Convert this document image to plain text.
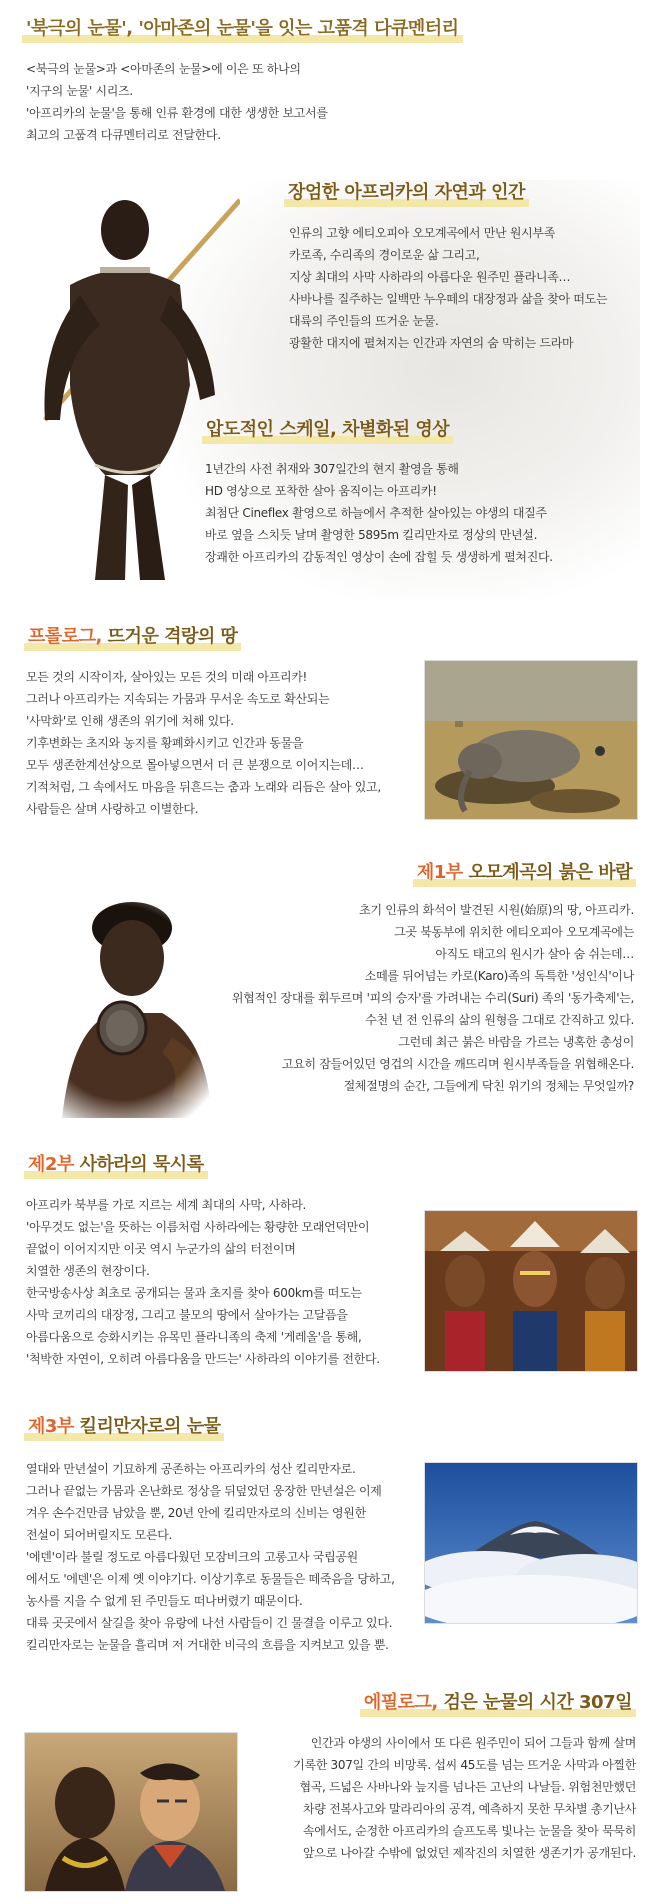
'북극의 눈물', '아마존의 눈물'을 잇는 고품격 다큐멘터리
<북극의 눈물>과 <아마존의 눈물>에 이은 또 하나의
'지구의 눈물' 시리즈.
'아프리카의 눈물'을 통해 인류 환경에 대한 생생한 보고서를
최고의 고품격 다큐멘터리로 전달한다.
장엄한 아프리카의 자연과 인간
인류의 고향 에티오피아 오모계곡에서 만난 원시부족
카로족, 수리족의 경이로운 삶 그리고,
지상 최대의 사막 사하라의 아름다운 원주민 플라니족…
사바나를 질주하는 일백만 누우떼의 대장정과 삶을 찾아 떠도는
대륙의 주인들의 뜨거운 눈물.
광활한 대지에 펼쳐지는 인간과 자연의 숨 막히는 드라마
압도적인 스케일, 차별화된 영상
1년간의 사전 취재와 307일간의 현지 촬영을 통해
HD 영상으로 포착한 살아 움직이는 아프리카!
최첨단 Cineflex 촬영으로 하늘에서 추적한 살아있는 야생의 대질주
바로 옆을 스치듯 날며 촬영한 5895m 킬리만자로 정상의 만년설.
장쾌한 아프리카의 감동적인 영상이 손에 잡힐 듯 생생하게 펼쳐진다.
프롤로그, 뜨거운 격랑의 땅
모든 것의 시작이자, 살아있는 모든 것의 미래 아프리카!
그러나 아프리카는 지속되는 가뭄과 무서운 속도로 확산되는
'사막화'로 인해 생존의 위기에 처해 있다.
기후변화는 초지와 농지를 황폐화시키고 인간과 동물을
모두 생존한계선상으로 몰아넣으면서 더 큰 분쟁으로 이어지는데…
기적처럼, 그 속에서도 마음을 뒤흔드는 춤과 노래와 리듬은 살아 있고,
사람들은 살며 사랑하고 이별한다.
제1부 오모계곡의 붉은 바람
초기 인류의 화석이 발견된 시원(始原)의 땅, 아프리카.
그곳 북동부에 위치한 에티오피아 오모계곡에는
아직도 태고의 원시가 살아 숨 쉬는데…
소떼를 뒤어넘는 카로(Karo)족의 독특한 '성인식'이나
위협적인 장대를 휘두르며 '피의 승자'를 가려내는 수리(Suri) 족의 '동가축제'는,
수천 년 전 인류의 삶의 원형을 그대로 간직하고 있다.
그런데 최근 붉은 바람을 가르는 냉혹한 총성이
고요히 잠들어있던 영겁의 시간을 깨뜨리며 원시부족들을 위협해온다.
절체절명의 순간, 그들에게 닥친 위기의 정체는 무엇일까?
제2부 사하라의 묵시록
아프리카 북부를 가로 지르는 세계 최대의 사막, 사하라.
'아무것도 없는'을 뜻하는 이름처럼 사하라에는 황량한 모래언덕만이
끝없이 이어지지만 이곳 역시 누군가의 삶의 터전이며
치열한 생존의 현장이다.
한국방송사상 최초로 공개되는 물과 초지를 찾아 600km를 떠도는
사막 코끼리의 대장정, 그리고 불모의 땅에서 살아가는 고달픔을
아름다움으로 승화시키는 유목민 플라니족의 축제 '게레올'을 통해,
'척박한 자연이, 오히려 아름다움을 만드는' 사하라의 이야기를 전한다.
제3부 킬리만자로의 눈물
열대와 만년설이 기묘하게 공존하는 아프리카의 성산 킬리만자로.
그러나 끝없는 가뭄과 온난화로 정상을 뒤덮었던 웅장한 만년설은 이제
겨우 손수건만큼 남았을 뿐, 20년 안에 킬리만자로의 신비는 영원한
전설이 되어버릴지도 모른다.
'에덴'이라 불릴 정도로 아름다웠던 모잠비크의 고롱고사 국립공원
에서도 '에덴'은 이제 옛 이야기다. 이상기후로 동물들은 떼죽음을 당하고,
농사를 지을 수 없게 된 주민들도 떠나버렸기 때문이다.
대륙 곳곳에서 살길을 찾아 유랑에 나선 사람들이 긴 물결을 이루고 있다.
킬리만자로는 눈물을 흘리며 저 거대한 비극의 흐름을 지켜보고 있을 뿐.
에필로그, 검은 눈물의 시간 307일
인간과 야생의 사이에서 또 다른 원주민이 되어 그들과 함께 살며
기록한 307일 간의 비망록. 섭씨 45도를 넘는 뜨거운 사막과 아찔한
협곡, 드넓은 사바나와 늪지를 넘나든 고난의 나날들. 위험천만했던
차량 전복사고와 말라리아의 공격, 예측하지 못한 무차별 총기난사
속에서도, 순정한 아프리카의 슬프도록 빛나는 눈물을 찾아 묵묵히
앞으로 나아갈 수밖에 없었던 제작진의 치열한 생존기가 공개된다.
